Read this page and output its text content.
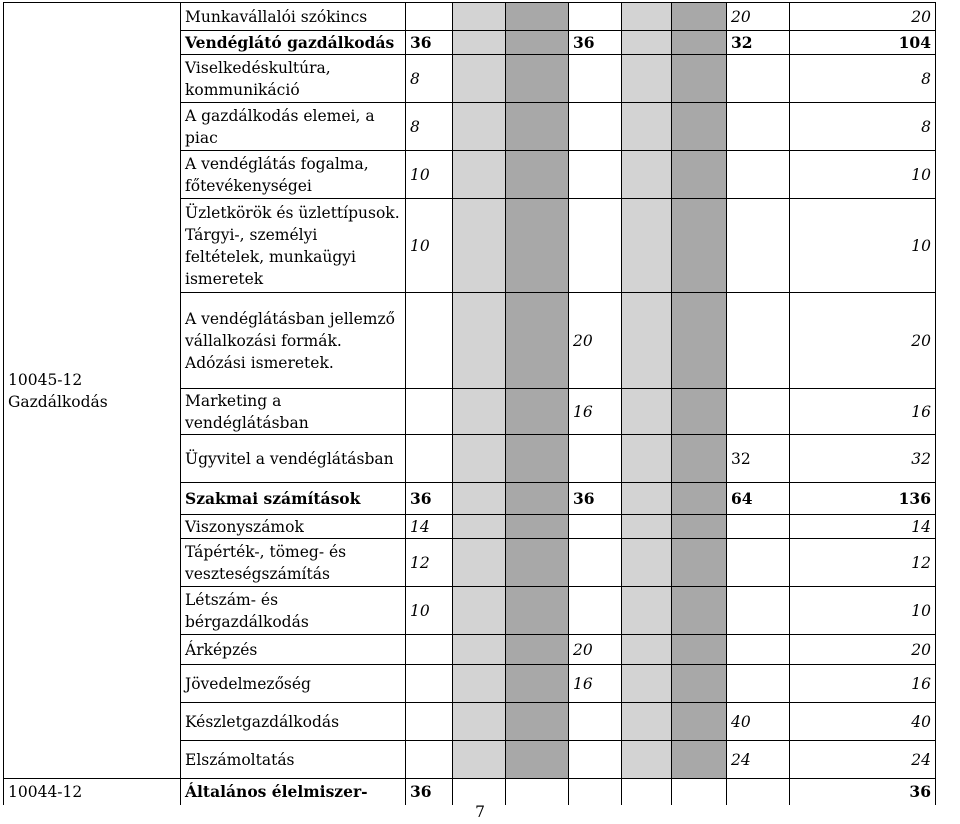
10045-12
Gazdálkodás	Munkavállalói szókincs							20	20
	Vendéglátó gazdálkodás	36			36			32	104
	Viselkedéskultúra, kommunikáció	8							8
	A gazdálkodás elemei, a piac	8							8
	A vendéglátás fogalma, főtevékenységei	10							10
	Üzletkörök és üzlettípusok. Tárgyi-, személyi feltételek, munkaügyi ismeretek	10							10
	A vendéglátásban jellemző vállalkozási formák. Adózási ismeretek.				20				20
	Marketing a vendéglátásban				16				16
	Ügyvitel a vendéglátásban							32	32
	Szakmai számítások	36			36			64	136
	Viszonyszámok	14							14
	Tápérték-, tömeg- és veszteségszámítás	12							12
	Létszám- és bérgazdálkodás	10							10
	Árképzés				20				20
	Jövedelmezőség				16				16
	Készletgazdálkodás							40	40
	Elszámoltatás							24	24
10044-12	Általános élelmiszer-	36							36
7
